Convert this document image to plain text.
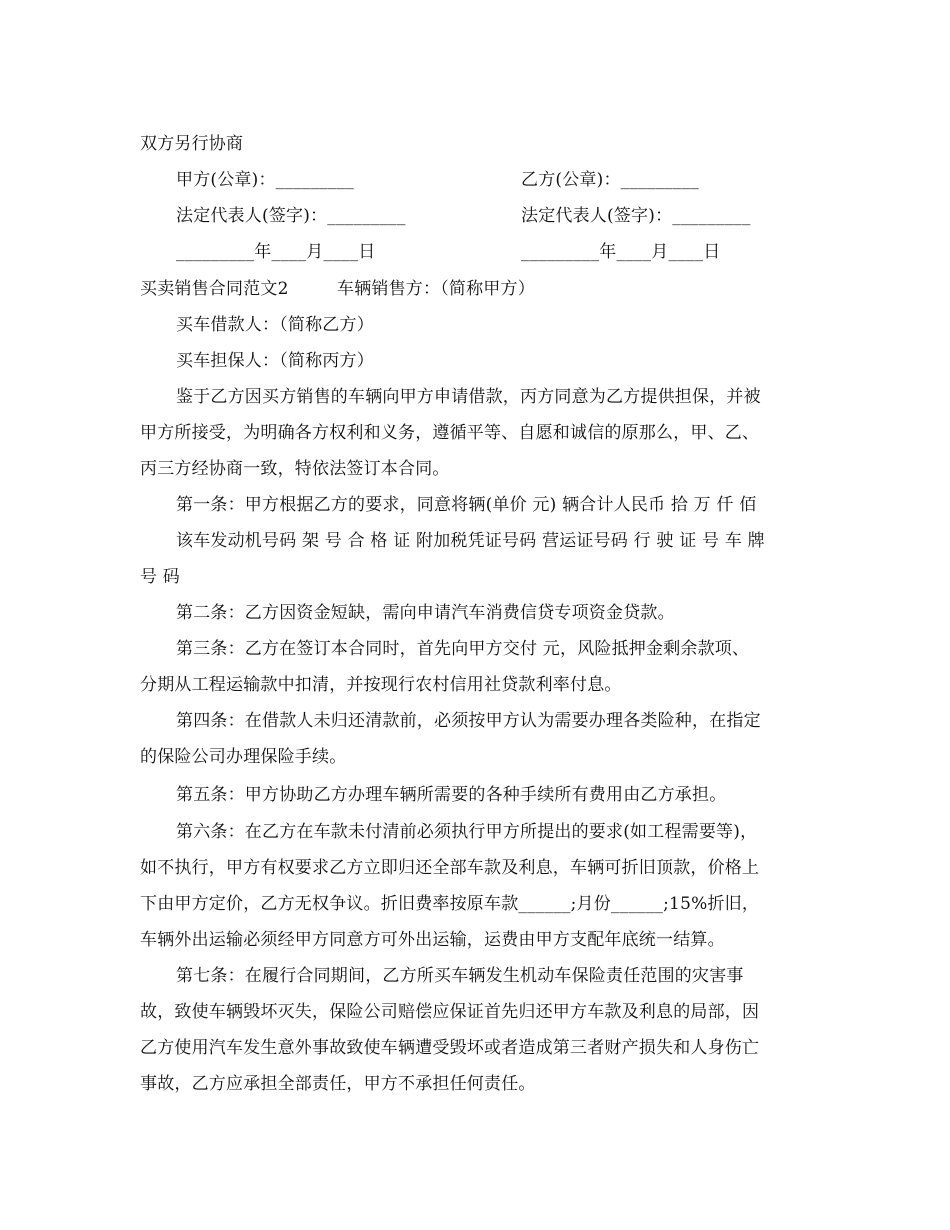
双方另行协商
甲方(公章)：_________	乙方(公章)：_________
法定代表人(签字)：_________	法定代表人(签字)：_________
_________年____月____日	_________年____月____日
买卖销售合同范文2	车辆销售方：（简称甲方）
买车借款人：（简称乙方）
买车担保人：（简称丙方）
鉴于乙方因买方销售的车辆向甲方申请借款，丙方同意为乙方提供担保，并被
甲方所接受，为明确各方权利和义务，遵循平等、自愿和诚信的原那么，甲、乙、
丙三方经协商一致，特依法签订本合同。
第一条：甲方根据乙方的要求，同意将辆(单价 元) 辆合计人民币 拾 万 仟 佰
该车发动机号码 架 号 合 格 证 附加税凭证号码 营运证号码 行 驶 证 号 车 牌
号 码
第二条：乙方因资金短缺，需向申请汽车消费信贷专项资金贷款。
第三条：乙方在签订本合同时，首先向甲方交付 元，风险抵押金剩余款项、
分期从工程运输款中扣清，并按现行农村信用社贷款利率付息。
第四条：在借款人未归还清款前，必须按甲方认为需要办理各类险种，在指定
的保险公司办理保险手续。
第五条：甲方协助乙方办理车辆所需要的各种手续所有费用由乙方承担。
第六条：在乙方在车款未付清前必须执行甲方所提出的要求(如工程需要等)，
如不执行，甲方有权要求乙方立即归还全部车款及利息，车辆可折旧顶款，价格上
下由甲方定价，乙方无权争议。折旧费率按原车款______;月份______;15%折旧，
车辆外出运输必须经甲方同意方可外出运输，运费由甲方支配年底统一结算。
第七条：在履行合同期间，乙方所买车辆发生机动车保险责任范围的灾害事
故，致使车辆毁坏灭失，保险公司赔偿应保证首先归还甲方车款及利息的局部，因
乙方使用汽车发生意外事故致使车辆遭受毁坏或者造成第三者财产损失和人身伤亡
事故，乙方应承担全部责任，甲方不承担任何责任。
